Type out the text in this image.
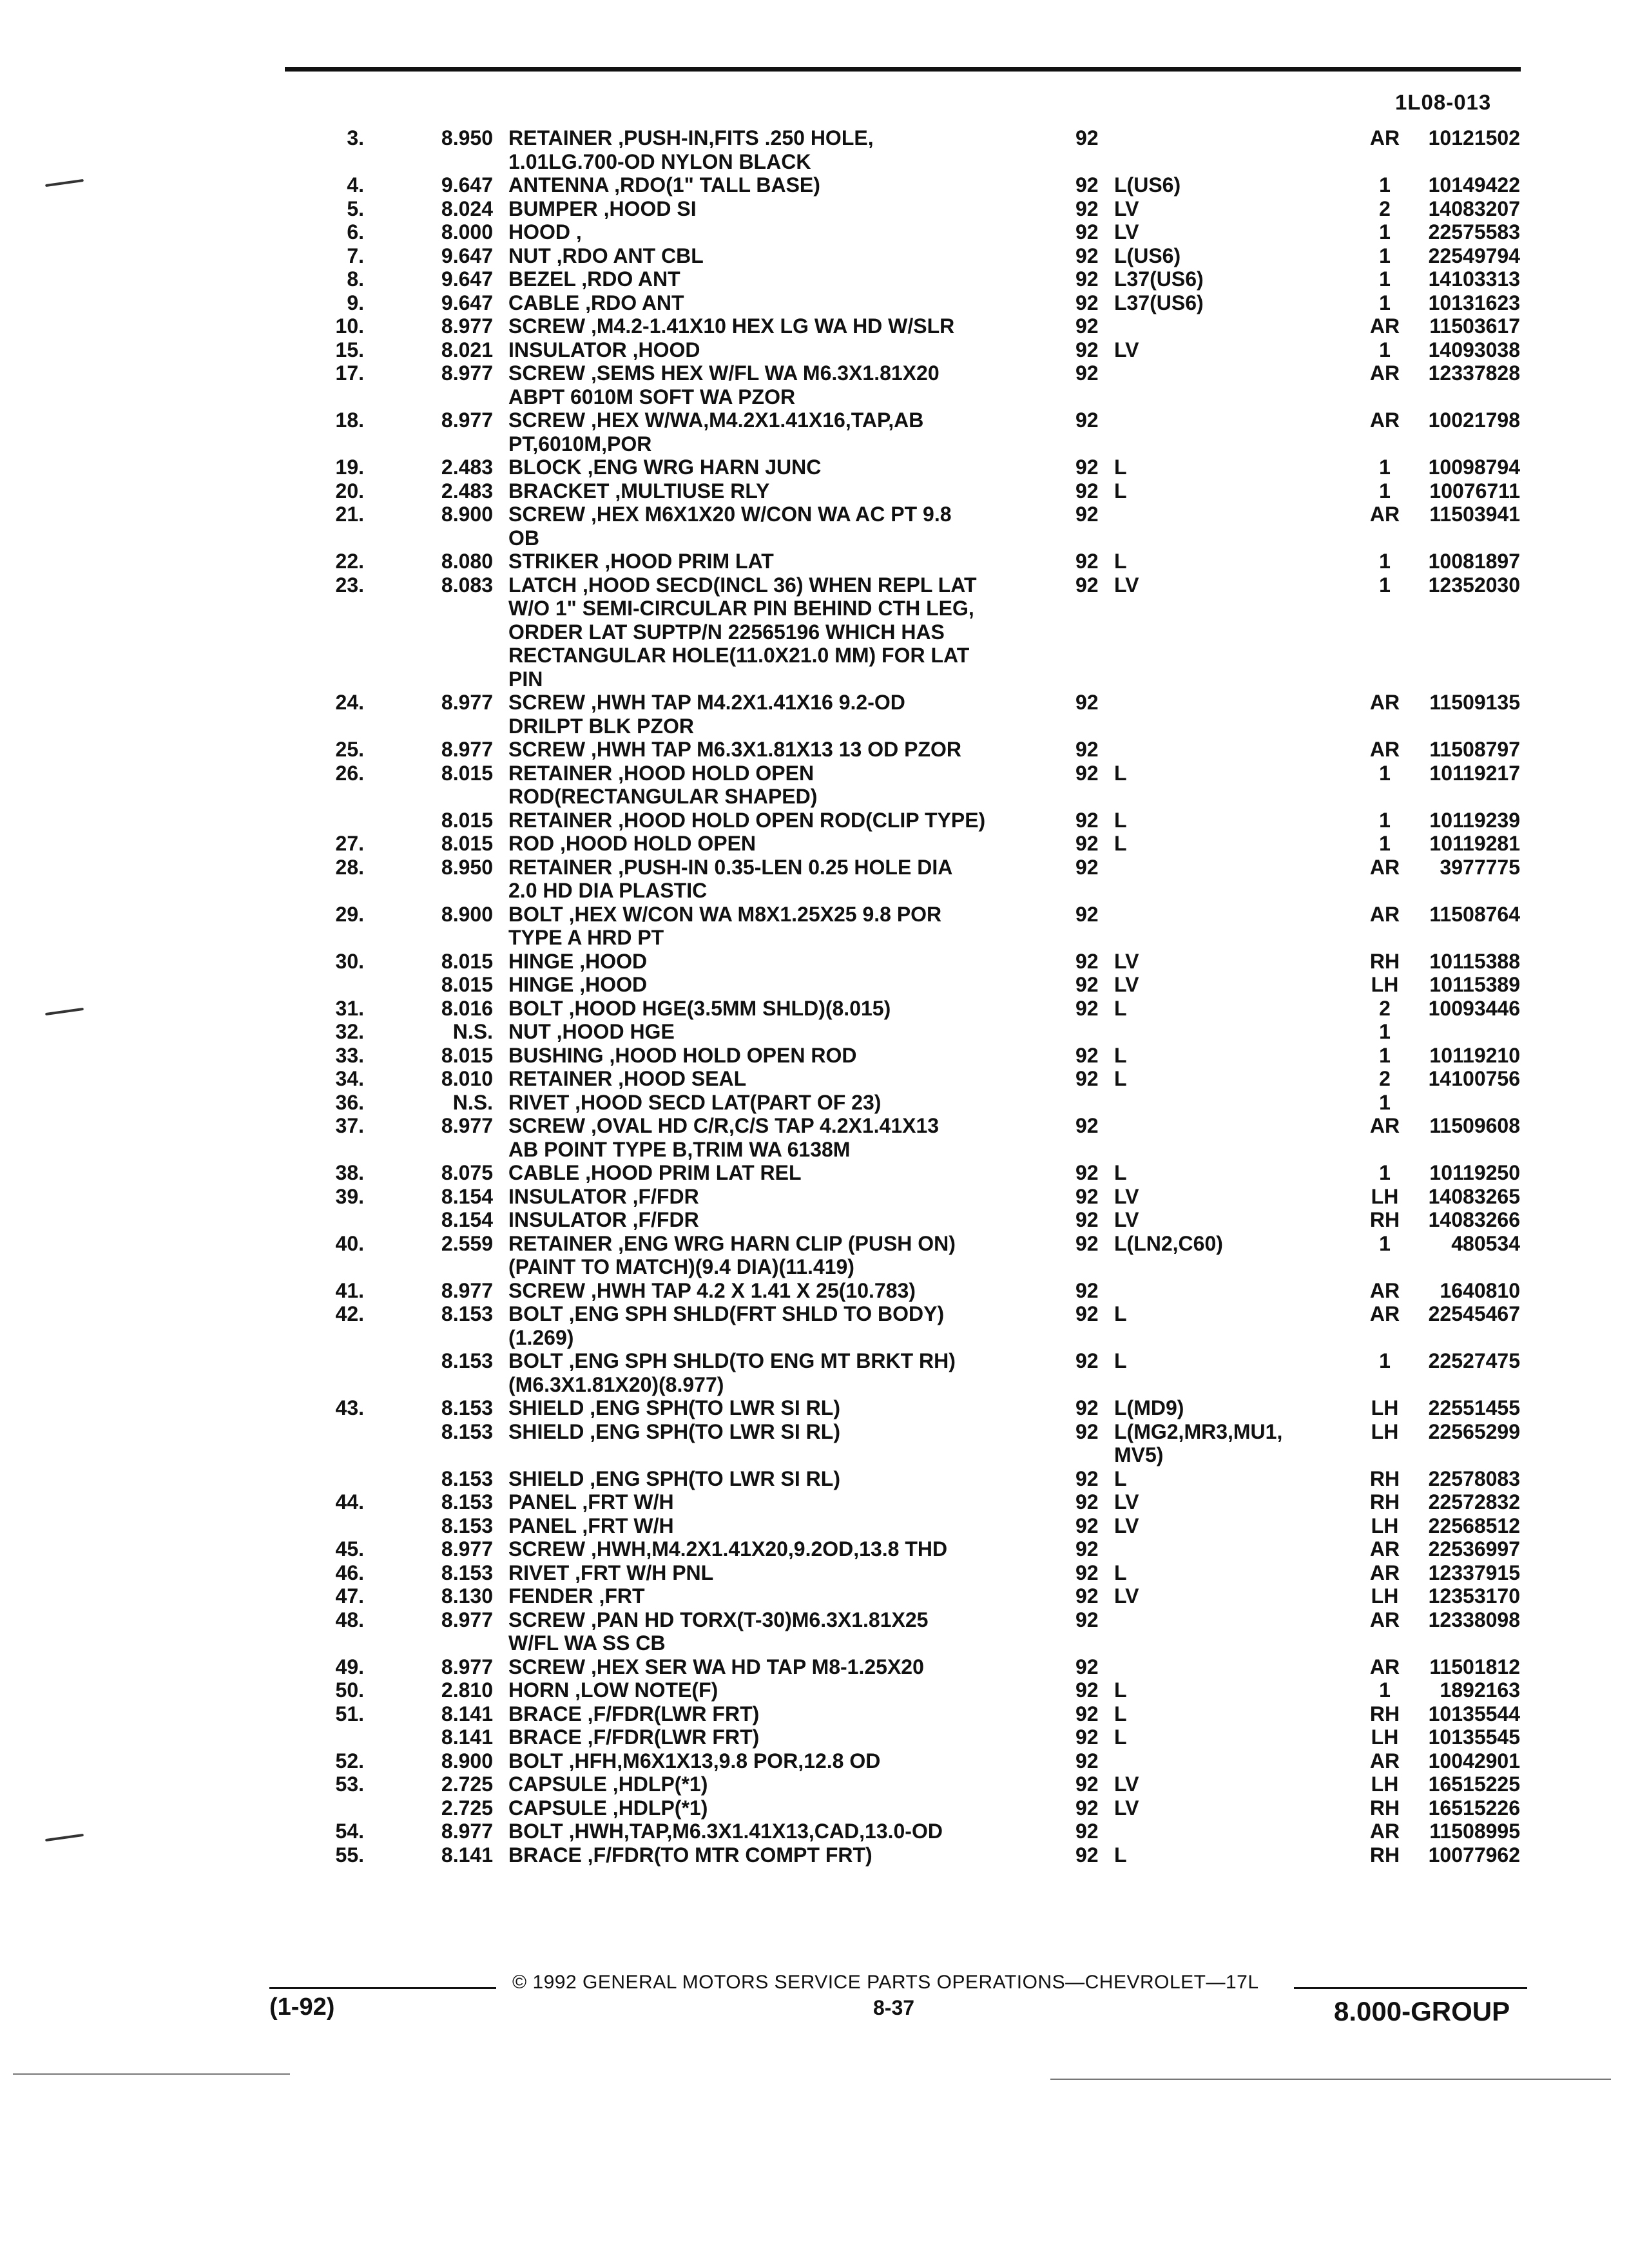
1L08-013
3.	8.950 RETAINER ,PUSH-IN,FITS .250 HOLE,
1.01LG.700-OD NYLON BLACK
92	AR	10121502
4.	9.647 ANTENNA ,RDO(1" TALL BASE)	92 L(US6)	1	10149422
5.	8.024 BUMPER ,HOOD SI	92 LV	2	14083207
6.	8.000 HOOD ,	92 LV	1	22575583
7.	9.647 NUT ,RDO ANT CBL	92 L(US6)	1	22549794
8.	9.647 BEZEL ,RDO ANT	92 L37(US6)	1	14103313
9.	9.647 CABLE ,RDO ANT	92 L37(US6)	1	10131623
10.	8.977 SCREW ,M4.2-1.41X10 HEX LG WA HD W/SLR	92	AR	11503617
15.	8.021 INSULATOR ,HOOD	92 LV	1	14093038
17.	8.977 SCREW ,SEMS HEX W/FL WA M6.3X1.81X20
ABPT 6010M SOFT WA PZOR
92	AR	12337828
18.	8.977 SCREW ,HEX W/WA,M4.2X1.41X16,TAP,AB
PT,6010M,POR
92	AR	10021798
19.	2.483 BLOCK ,ENG WRG HARN JUNC	92 L	1	10098794
20.	2.483 BRACKET ,MULTIUSE RLY	92 L	1	10076711
21.	8.900 SCREW ,HEX M6X1X20 W/CON WA AC PT 9.8
OB
92	AR	11503941
22.	8.080 STRIKER ,HOOD PRIM LAT	92 L	1	10081897
23.	8.083 LATCH ,HOOD SECD(INCL 36) WHEN REPL LAT
W/O 1" SEMI-CIRCULAR PIN BEHIND CTH LEG,
ORDER LAT SUPTP/N 22565196 WHICH HAS
RECTANGULAR HOLE(11.0X21.0 MM) FOR LAT
PIN
92 LV	1	12352030
24.	8.977 SCREW ,HWH TAP M4.2X1.41X16 9.2-OD
DRILPT BLK PZOR
92	AR	11509135
25.	8.977 SCREW ,HWH TAP M6.3X1.81X13 13 OD PZOR	92	AR	11508797
26.	8.015 RETAINER ,HOOD HOLD OPEN
ROD(RECTANGULAR SHAPED)
92 L	1	10119217
8.015 RETAINER ,HOOD HOLD OPEN ROD(CLIP TYPE)	92 L	1	10119239
27.	8.015 ROD ,HOOD HOLD OPEN	92 L	1	10119281
28.	8.950 RETAINER ,PUSH-IN 0.35-LEN 0.25 HOLE DIA
2.0 HD DIA PLASTIC
92	AR	3977775
29.	8.900 BOLT ,HEX W/CON WA M8X1.25X25 9.8 POR
TYPE A HRD PT
92	AR	11508764
30.	8.015 HINGE ,HOOD	92 LV	RH	10115388
8.015 HINGE ,HOOD	92 LV	LH	10115389
31.	8.016 BOLT ,HOOD HGE(3.5MM SHLD)(8.015)	92 L	2	10093446
32.	N.S. NUT ,HOOD HGE	1
33.	8.015 BUSHING ,HOOD HOLD OPEN ROD	92 L	1	10119210
34.	8.010 RETAINER ,HOOD SEAL	92 L	2	14100756
36.	N.S. RIVET ,HOOD SECD LAT(PART OF 23)	1
37.	8.977 SCREW ,OVAL HD C/R,C/S TAP 4.2X1.41X13
AB POINT TYPE B,TRIM WA 6138M
92	AR	11509608
38.	8.075 CABLE ,HOOD PRIM LAT REL	92 L	1	10119250
39.	8.154 INSULATOR ,F/FDR	92 LV	LH	14083265
8.154 INSULATOR ,F/FDR	92 LV	RH	14083266
40.	2.559 RETAINER ,ENG WRG HARN CLIP (PUSH ON)
(PAINT TO MATCH)(9.4 DIA)(11.419)
92 L(LN2,C60)	1	480534
41.	8.977 SCREW ,HWH TAP 4.2 X 1.41 X 25(10.783)	92	AR	1640810
42.	8.153 BOLT ,ENG SPH SHLD(FRT SHLD TO BODY)
(1.269)
92 L	AR	22545467
8.153 BOLT ,ENG SPH SHLD(TO ENG MT BRKT RH)
(M6.3X1.81X20)(8.977)
92 L	1	22527475
43.	8.153 SHIELD ,ENG SPH(TO LWR SI RL)	92 L(MD9)	LH	22551455
8.153 SHIELD ,ENG SPH(TO LWR SI RL)	92 L(MG2,MR3,MU1,
MV5)
LH	22565299
8.153 SHIELD ,ENG SPH(TO LWR SI RL)	92 L	RH	22578083
44.	8.153 PANEL ,FRT W/H	92 LV	RH	22572832
8.153 PANEL ,FRT W/H	92 LV	LH	22568512
45.	8.977 SCREW ,HWH,M4.2X1.41X20,9.2OD,13.8 THD	92	AR	22536997
46.	8.153 RIVET ,FRT W/H PNL	92 L	AR	12337915
47.	8.130 FENDER ,FRT	92 LV	LH	12353170
48.	8.977 SCREW ,PAN HD TORX(T-30)M6.3X1.81X25
W/FL WA SS CB
92	AR	12338098
49.	8.977 SCREW ,HEX SER WA HD TAP M8-1.25X20	92	AR	11501812
50.	2.810 HORN ,LOW NOTE(F)	92 L	1	1892163
51.	8.141 BRACE ,F/FDR(LWR FRT)	92 L	RH	10135544
8.141 BRACE ,F/FDR(LWR FRT)	92 L	LH	10135545
52.	8.900 BOLT ,HFH,M6X1X13,9.8 POR,12.8 OD	92	AR	10042901
53.	2.725 CAPSULE ,HDLP(*1)	92 LV	LH	16515225
2.725 CAPSULE ,HDLP(*1)	92 LV	RH	16515226
54.	8.977 BOLT ,HWH,TAP,M6.3X1.41X13,CAD,13.0-OD	92	AR	11508995
55.	8.141 BRACE ,F/FDR(TO MTR COMPT FRT)	92 L	RH	10077962
© 1992 GENERAL MOTORS SERVICE PARTS OPERATIONS—CHEVROLET—17L
(1-92)	8-37	8.000-GROUP
